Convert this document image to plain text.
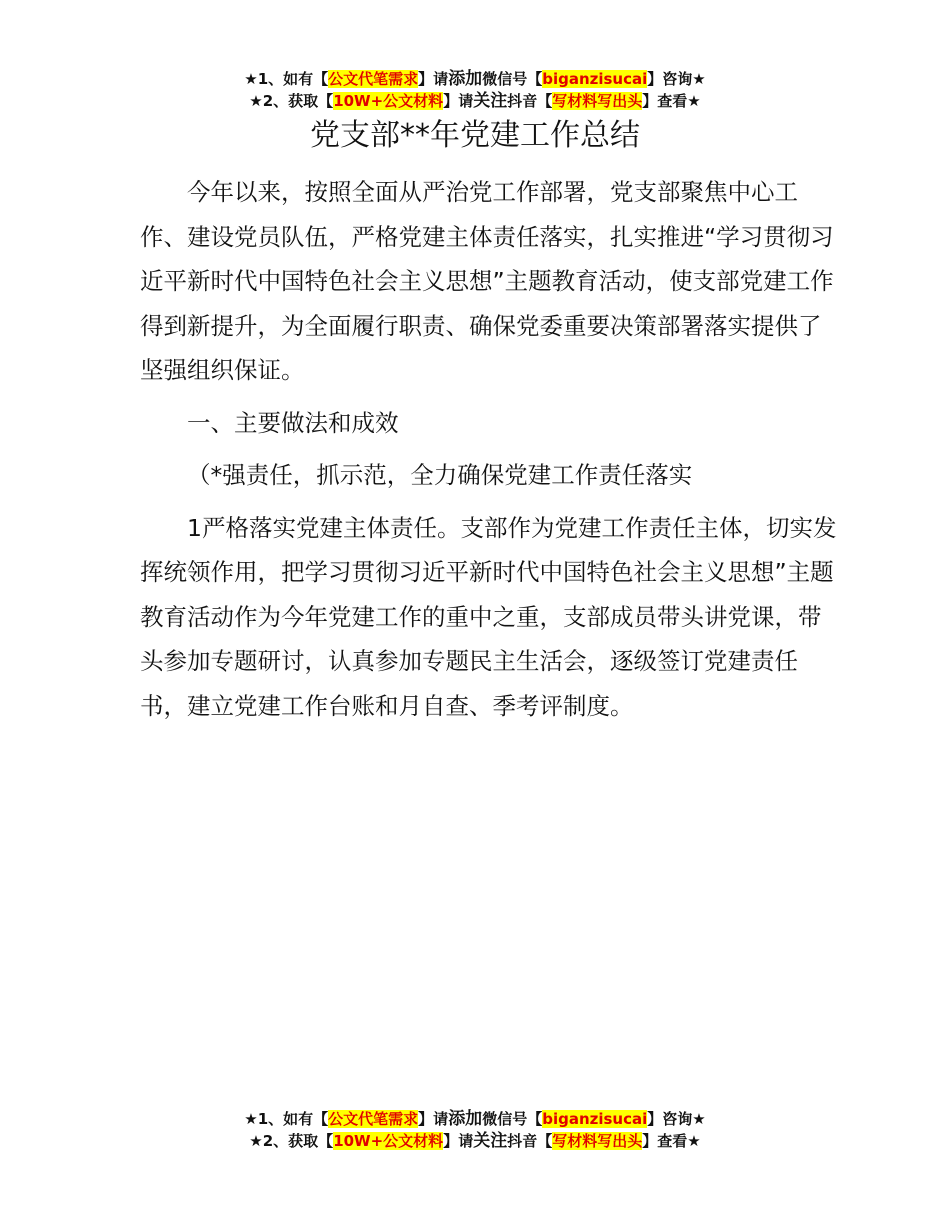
★1、如有【公文代笔需求】请添加微信号【biganzisucai】咨询★
★2、获取【10W+公文材料】请关注抖音【写材料写出头】查看★
党支部**年党建工作总结

今年以来，按照全面从严治党工作部署，党支部聚焦中心工作、建设党员队伍，严格党建主体责任落实，扎实推进“学习贯彻习近平新时代中国特色社会主义思想”主题教育活动，使支部党建工作得到新提升，为全面履行职责、确保党委重要决策部署落实提供了坚强组织保证。

一、主要做法和成效

（*强责任，抓示范，全力确保党建工作责任落实

1严格落实党建主体责任。支部作为党建工作责任主体，切实发挥统领作用，把学习贯彻习近平新时代中国特色社会主义思想”主题教育活动作为今年党建工作的重中之重，支部成员带头讲党课，带头参加专题研讨，认真参加专题民主生活会，逐级签订党建责任书，建立党建工作台账和月自查、季考评制度。

★1、如有【公文代笔需求】请添加微信号【biganzisucai】咨询★
★2、获取【10W+公文材料】请关注抖音【写材料写出头】查看★
